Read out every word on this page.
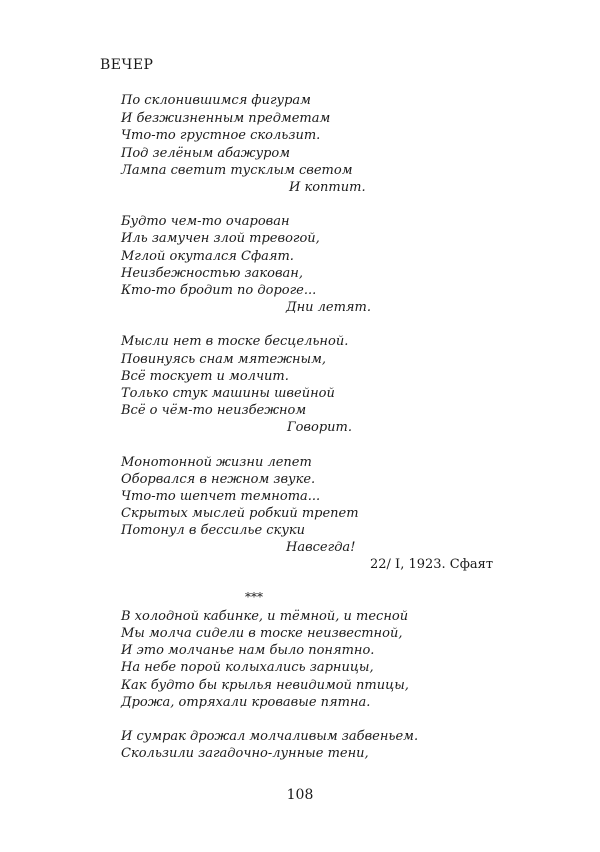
ВЕЧЕР
По склонившимся фигурам
И безжизненным предметам
Что-то грустное скользит.
Под зелёным абажуром
Лампа светит тусклым светом
И коптит.
Будто чем-то очарован
Иль замучен злой тревогой,
Мглой окутался Сфаят.
Неизбежностью закован,
Кто-то бродит по дороге...
Дни летят.
Мысли нет в тоске бесцельной.
Повинуясь снам мятежным,
Всё тоскует и молчит.
Только стук машины швейной
Всё о чём-то неизбежном
Говорит.
Монотонной жизни лепет
Оборвался в нежном звуке.
Что-то шепчет темнота...
Скрытых мыслей робкий трепет
Потонул в бессилье скуки
Навсегда!
22/ I, 1923. Сфаят
***
В холодной кабинке, и тёмной, и тесной
Мы молча сидели в тоске неизвестной,
И это молчанье нам было понятно.
На небе порой колыхались зарницы,
Как будто бы крылья невидимой птицы,
Дрожа, отряхали кровавые пятна.
И сумрак дрожал молчаливым забвеньем.
Скользили загадочно-лунные тени,
108
